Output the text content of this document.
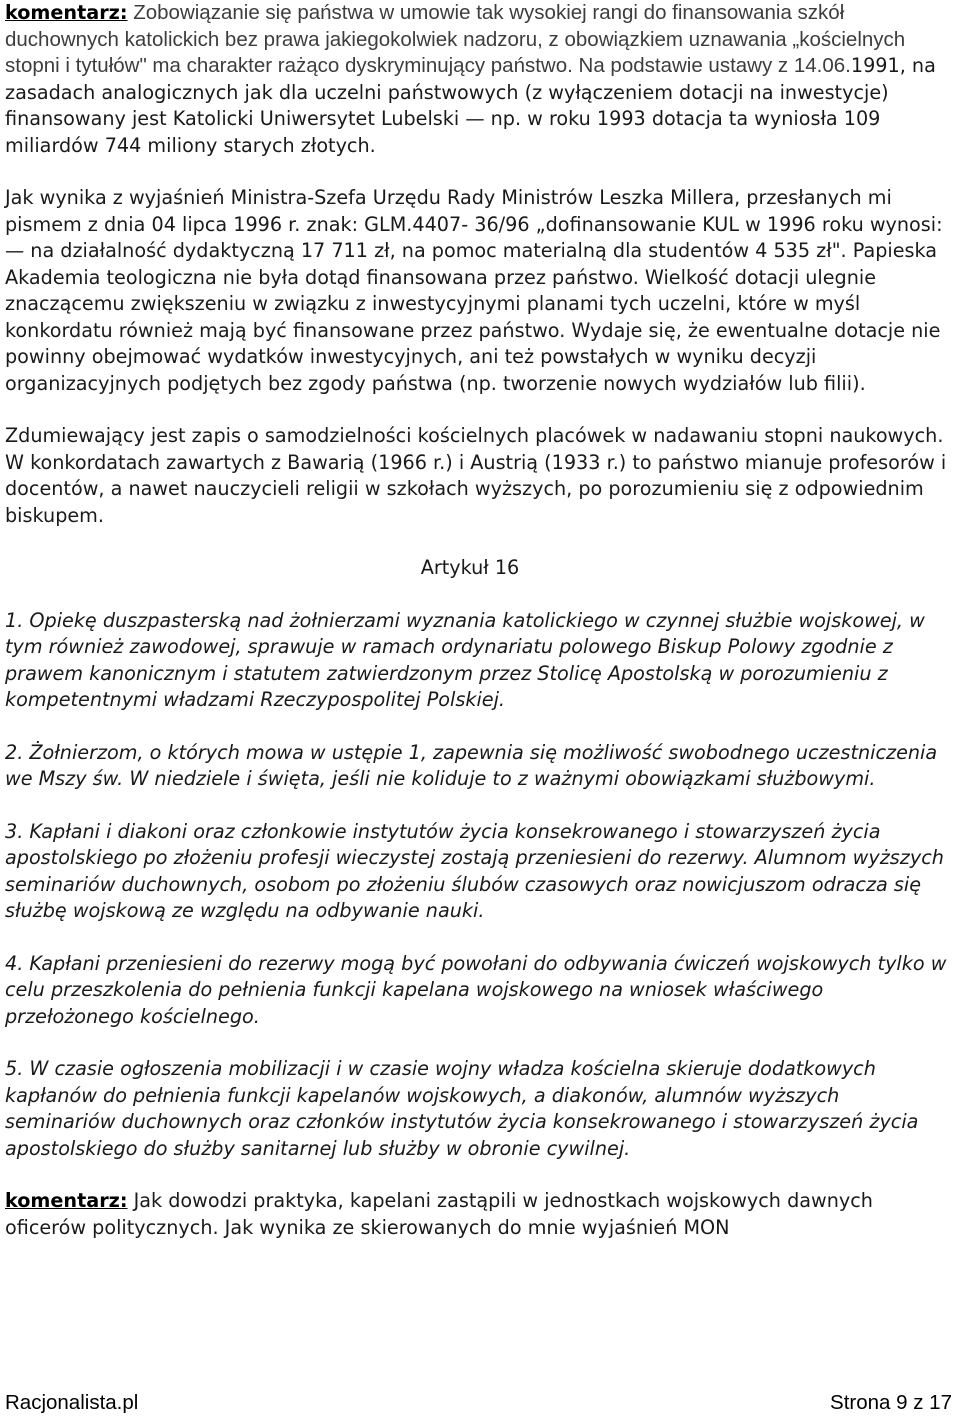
komentarz: Zobowiązanie się państwa w umowie tak wysokiej rangi do finansowania szkół duchownych katolickich bez prawa jakiegokolwiek nadzoru, z obowiązkiem uznawania „kościelnych stopni i tytułów" ma charakter rażąco dyskryminujący państwo. Na podstawie ustawy z 14.06.1991, na zasadach analogicznych jak dla uczelni państwowych (z wyłączeniem dotacji na inwestycje) finansowany jest Katolicki Uniwersytet Lubelski — np. w roku 1993 dotacja ta wyniosła 109 miliardów 744 miliony starych złotych.

Jak wynika z wyjaśnień Ministra-Szefa Urzędu Rady Ministrów Leszka Millera, przesłanych mi pismem z dnia 04 lipca 1996 r. znak: GLM.4407- 36/96 „dofinansowanie KUL w 1996 roku wynosi: — na działalność dydaktyczną 17 711 zł, na pomoc materialną dla studentów 4 535 zł". Papieska Akademia teologiczna nie była dotąd finansowana przez państwo. Wielkość dotacji ulegnie znaczącemu zwiększeniu w związku z inwestycyjnymi planami tych uczelni, które w myśl konkordatu również mają być finansowane przez państwo. Wydaje się, że ewentualne dotacje nie powinny obejmować wydatków inwestycyjnych, ani też powstałych w wyniku decyzji organizacyjnych podjętych bez zgody państwa (np. tworzenie nowych wydziałów lub filii).

Zdumiewający jest zapis o samodzielności kościelnych placówek w nadawaniu stopni naukowych. W konkordatach zawartych z Bawarią (1966 r.) i Austrią (1933 r.) to państwo mianuje profesorów i docentów, a nawet nauczycieli religii w szkołach wyższych, po porozumieniu się z odpowiednim biskupem.

Artykuł 16

1. Opiekę duszpasterską nad żołnierzami wyznania katolickiego w czynnej służbie wojskowej, w tym również zawodowej, sprawuje w ramach ordynariatu polowego Biskup Polowy zgodnie z prawem kanonicznym i statutem zatwierdzonym przez Stolicę Apostolską w porozumieniu z kompetentnymi władzami Rzeczypospolitej Polskiej.

2. Żołnierzom, o których mowa w ustępie 1, zapewnia się możliwość swobodnego uczestniczenia we Mszy św. W niedziele i święta, jeśli nie koliduje to z ważnymi obowiązkami służbowymi.

3. Kapłani i diakoni oraz członkowie instytutów życia konsekrowanego i stowarzyszeń życia apostolskiego po złożeniu profesji wieczystej zostają przeniesieni do rezerwy. Alumnom wyższych seminariów duchownych, osobom po złożeniu ślubów czasowych oraz nowicjuszom odracza się służbę wojskową ze względu na odbywanie nauki.

4. Kapłani przeniesieni do rezerwy mogą być powołani do odbywania ćwiczeń wojskowych tylko w celu przeszkolenia do pełnienia funkcji kapelana wojskowego na wniosek właściwego przełożonego kościelnego.

5. W czasie ogłoszenia mobilizacji i w czasie wojny władza kościelna skieruje dodatkowych kapłanów do pełnienia funkcji kapelanów wojskowych, a diakonów, alumnów wyższych seminariów duchownych oraz członków instytutów życia konsekrowanego i stowarzyszeń życia apostolskiego do służby sanitarnej lub służby w obronie cywilnej.

komentarz: Jak dowodzi praktyka, kapelani zastąpili w jednostkach wojskowych dawnych oficerów politycznych. Jak wynika ze skierowanych do mnie wyjaśnień MON

Racjonalista.pl	Strona 9 z 17
